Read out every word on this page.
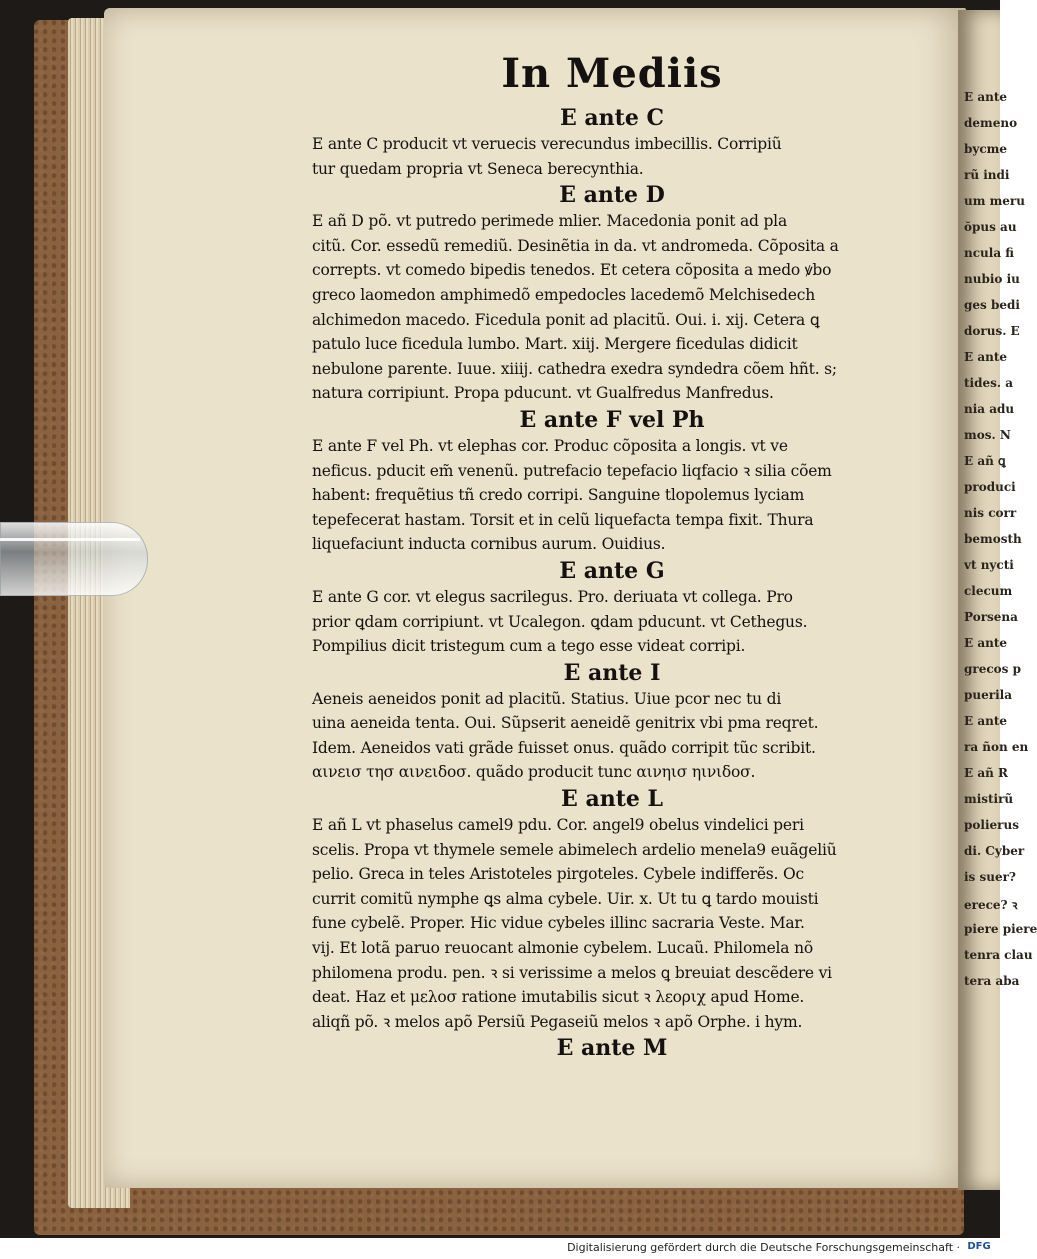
E ante
demeno
bycme
rũ indi
um meru
ŏpus au
ncula fi
nubio iu
ges bedi
dorus. E
E ante
tides. a
nia adu
mos. N
E añ ꝗ
produci
nis corr
bemosth
vt nycti
clecum
Porsena
E ante
grecos p
puerila
E ante
ra ñon en
E añ R
mistirũ
polierus
di. Cyber
is suer?
erece? ꝛ
piere piere
tenra clau
tera aba
In Mediis
E ante C
E ante C producit vt veruecis verecundus imbecillis. Corripiũ
tur quedam propria vt Seneca berecynthia.
E ante D
E añ D põ. vt putredo perimede mlier. Macedonia ponit ad pla
citũ. Cor. essedũ remediũ. Desinẽtia in da. vt andromeda. Cõposita a
correpts. vt comedo bipedis tenedos. Et cetera cõposita a medo ꝟbo
greco laomedon amphimedõ empedocles lacedemõ Melchisedech
alchimedon macedo. Ficedula ponit ad placitũ. Oui. i. xij. Cetera ꝗ
patulo luce ficedula lumbo. Mart. xiij. Mergere ficedulas didicit
nebulone parente. Iuue. xiiij. cathedra exedra syndedra cõem hñt. s;
natura corripiunt. Propa pducunt. vt Gualfredus Manfredus.
E ante F vel Ph
E ante F vel Ph. vt elephas cor. Produc cõposita a longis. vt ve
neficus. pducit em̃ venenũ. putrefacio tepefacio liqfacio ꝛ silia cõem
habent: frequẽtius tñ credo corripi. Sanguine tlopolemus lyciam
tepefecerat hastam. Torsit et in celũ liquefacta tempa fixit. Thura
liquefaciunt inducta cornibus aurum. Ouidius.
E ante G
E ante G cor. vt elegus sacrilegus. Pro. deriuata vt collega. Pro
prior ꝗdam corripiunt. vt Ucalegon. ꝗdam pducunt. vt Cethegus.
Pompilius dicit tristegum cum a tego esse videat corripi.
E ante I
Aeneis aeneidos ponit ad placitũ. Statius. Uiue pcor nec tu di
uina aeneida tenta. Oui. Sũpserit aeneidẽ genitrix vbi pma reqret.
Idem. Aeneidos vati grãde fuisset onus. quãdo corripit tũc scribit.
αινεισ τησ αινειδοσ. quãdo producit tunc αινηισ ηινιδοσ.
E ante L
E añ L vt phaselus camel9 pdu. Cor. angel9 obelus vindelici peri
scelis. Propa vt thymele semele abimelech ardelio menela9 euãgeliũ
pelio. Greca in teles Aristoteles pirgoteles. Cybele indifferẽs. Oc
currit comitũ nymphe ꝗs alma cybele. Uir. x. Ut tu ꝗ tardo mouisti
fune cybelẽ. Proper. Hic vidue cybeles illinc sacraria Veste. Mar.
vij. Et lotã paruo reuocant almonie cybelem. Lucaũ. Philomela nõ
philomena produ. pen. ꝛ si verissime a melos ꝗ breuiat descẽdere vi
deat. Haz et μελοσ ratione imutabilis sicut ꝛ λεοριχ apud Home.
aliqñ põ. ꝛ melos apõ Persiũ Pegaseiũ melos ꝛ apõ Orphe. i hym.
E ante M
Digitalisierung gefördert durch die Deutsche Forschungsgemeinschaft · DFG
